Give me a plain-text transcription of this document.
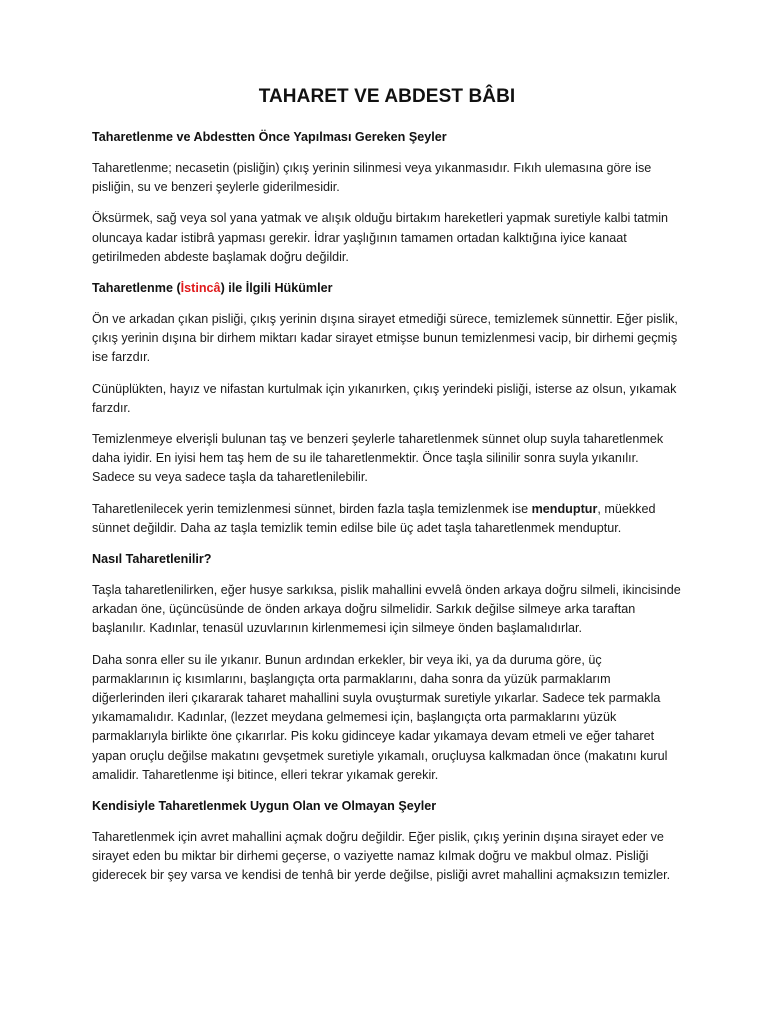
TAHARET VE ABDEST BÂBI
Taharetlenme ve Abdestten Önce Yapılması Gereken Şeyler

Taharetlenme; necasetin (pisliğin) çıkış yerinin silinmesi veya yıkanmasıdır. Fıkıh ulemasına göre ise pisliğin, su ve benzeri şeylerle giderilmesidir.

Öksürmek, sağ veya sol yana yatmak ve alışık olduğu birtakım hareketleri yapmak suretiyle kalbi tatmin oluncaya kadar istibrâ yapması gerekir. İdrar yaşlığının tamamen ortadan kalktığına iyice kanaat getirilmeden abdeste başlamak doğru değildir.

Taharetlenme (İstincâ) ile İlgili Hükümler

Ön ve arkadan çıkan pisliği, çıkış yerinin dışına sirayet etmediği sürece, temizlemek sünnettir. Eğer pislik, çıkış yerinin dışına bir dirhem miktarı kadar sirayet etmişse bunun temizlenmesi vacip, bir dirhemi geçmiş ise farzdır.

Cünüplükten, hayız ve nifastan kurtulmak için yıkanırken, çıkış yerindeki pisliği, isterse az olsun, yıkamak farzdır.

Temizlenmeye elverişli bulunan taş ve benzeri şeylerle taharetlenmek sünnet olup suyla taharetlenmek daha iyidir. En iyisi hem taş hem de su ile taharetlenmektir. Önce taşla silinilir sonra suyla yıkanılır. Sadece su veya sadece taşla da taharetlenilebilir.

Taharetlenilecek yerin temizlenmesi sünnet, birden fazla taşla temizlenmek ise menduptur, müekked sünnet değildir. Daha az taşla temizlik temin edilse bile üç adet taşla taharetlenmek menduptur.

Nasıl Taharetlenilir?

Taşla taharetlenilirken, eğer husye sarkıksa, pislik mahallini evvelâ önden arkaya doğru silmeli, ikincisinde arkadan öne, üçüncüsünde de önden arkaya doğru silmelidir. Sarkık değilse silmeye arka taraftan başlanılır. Kadınlar, tenasül uzuvlarının kirlenmemesi için silmeye önden başlamalıdırlar.

Daha sonra eller su ile yıkanır. Bunun ardından erkekler, bir veya iki, ya da duruma göre, üç parmaklarının iç kısımlarını, başlangıçta orta parmaklarını, daha sonra da yüzük parmaklarım diğerlerinden ileri çıkararak taharet mahallini suyla ovuşturmak suretiyle yıkarlar. Sadece tek parmakla yıkamamalıdır. Kadınlar, (lezzet meydana gelmemesi için, başlangıçta orta parmaklarını yüzük parmaklarıyla birlikte öne çıkarırlar. Pis koku gidinceye kadar yıkamaya devam etmeli ve eğer taharet yapan oruçlu değilse makatını gevşetmek suretiyle yıkamalı, oruçluysa kalkmadan önce (makatını kurul amalidir. Taharetlenme işi bitince, elleri tekrar yıkamak gerekir.

Kendisiyle Taharetlenmek Uygun Olan ve Olmayan Şeyler

Taharetlenmek için avret mahallini açmak doğru değildir. Eğer pislik, çıkış yerinin dışına sirayet eder ve sirayet eden bu miktar bir dirhemi geçerse, o vaziyette namaz kılmak doğru ve makbul olmaz. Pisliği giderecek bir şey varsa ve kendisi de tenhâ bir yerde değilse, pisliği avret mahallini açmaksızın temizler.
